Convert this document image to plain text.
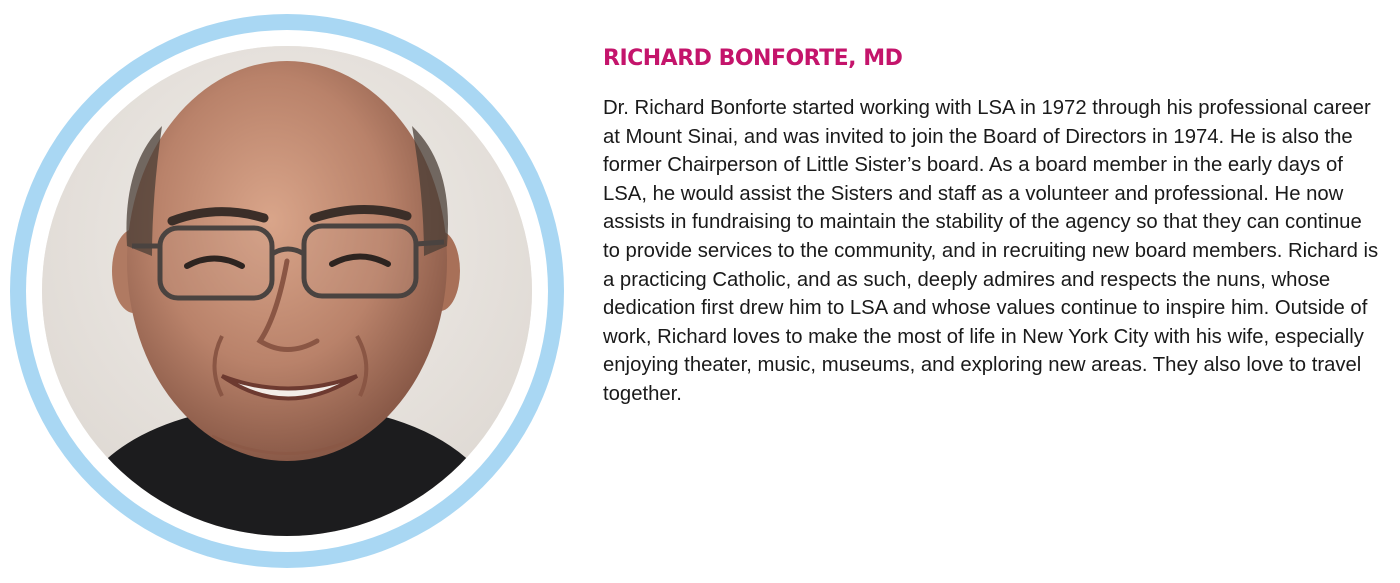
RICHARD BONFORTE, MD

Dr. Richard Bonforte started working with LSA in 1972 through his professional career at Mount Sinai, and was invited to join the Board of Directors in 1974. He is also the former Chairperson of Little Sister’s board. As a board member in the early days of LSA, he would assist the Sisters and staff as a volunteer and professional. He now assists in fundraising to maintain the stability of the agency so that they can continue to provide services to the community, and in recruiting new board members. Richard is a practicing Catholic, and as such, deeply admires and respects the nuns, whose dedication first drew him to LSA and whose values continue to inspire him. Outside of work, Richard loves to make the most of life in New York City with his wife, especially enjoying theater, music, museums, and exploring new areas. They also love to travel together.
